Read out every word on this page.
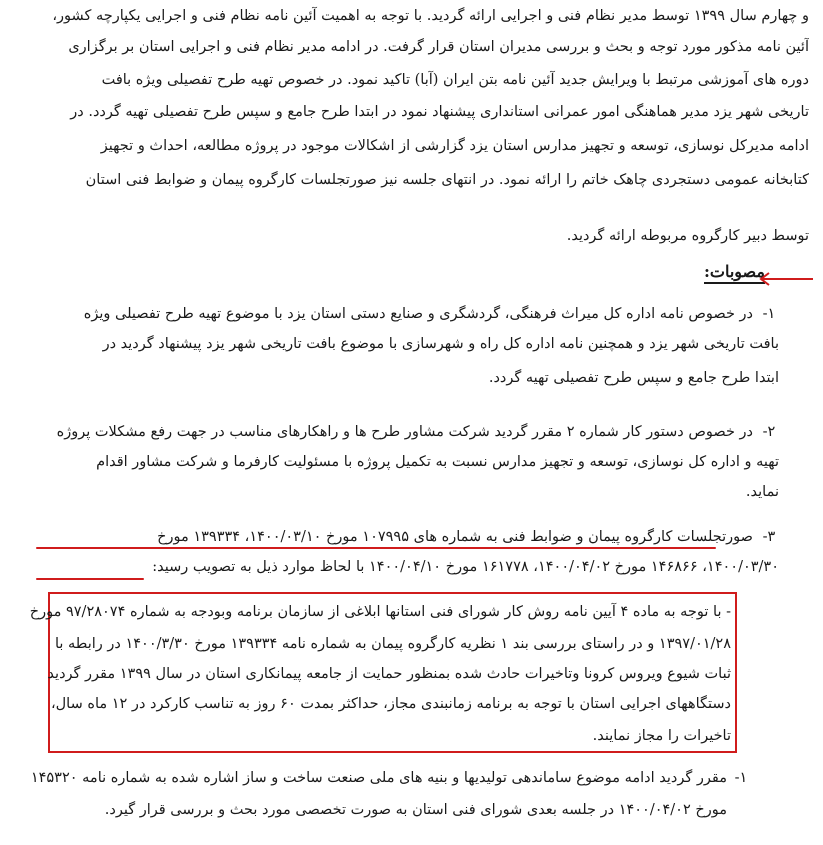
و چهارم سال ۱۳۹۹ توسط مدیر نظام فنی و اجرایی ارائه گردید. با توجه به اهمیت آئین نامه نظام فنی و اجرایی یکپارچه کشور،
آئین نامه مذکور مورد توجه و بحث و بررسی مدیران استان قرار گرفت. در ادامه مدیر نظام فنی و اجرایی استان بر برگزاری
دوره های آموزشی مرتبط با ویرایش جدید آئین نامه بتن ایران (آبا) تاکید نمود. در خصوص تهیه طرح تفصیلی ویژه بافت
تاریخی شهر یزد مدیر هماهنگی امور عمرانی استانداری پیشنهاد نمود در ابتدا طرح جامع و سپس طرح تفصیلی تهیه گردد. در
ادامه مدیرکل نوسازی، توسعه و تجهیز مدارس استان یزد گزارشی از اشکالات موجود در پروژه مطالعه، احداث و تجهیز
کتابخانه عمومی دستجردی چاهک خاتم را ارائه نمود. در انتهای جلسه نیز صورتجلسات کارگروه پیمان و ضوابط فنی استان
توسط دبیر کارگروه مربوطه ارائه گردید.
مصوبات:
-۱
در خصوص نامه اداره کل میراث فرهنگی، گردشگری و صنایع دستی استان یزد با موضوع تهیه طرح تفصیلی ویژه
بافت تاریخی شهر یزد و همچنین نامه اداره کل راه و شهرسازی با موضوع بافت تاریخی شهر یزد پیشنهاد گردید در
ابتدا طرح جامع و سپس طرح تفصیلی تهیه گردد.
-۲
در خصوص دستور کار شماره ۲ مقرر گردید شرکت مشاور طرح ها و راهکارهای مناسب در جهت رفع مشکلات پروژه
تهیه و اداره کل نوسازی، توسعه و تجهیز مدارس نسبت به تکمیل پروژه با مسئولیت کارفرما و شرکت مشاور اقدام
نماید.
-۳
صورتجلسات کارگروه پیمان و ضوابط فنی به شماره های ۱۰۷۹۹۵ مورخ ۱۴۰۰/۰۳/۱۰، ۱۳۹۳۳۴ مورخ
۱۴۰۰/۰۳/۳۰، ۱۴۶۸۶۶ مورخ ۱۴۰۰/۰۴/۰۲، ۱۶۱۷۷۸ مورخ ۱۴۰۰/۰۴/۱۰ با لحاظ موارد ذیل به تصویب رسید:
- با توجه به ماده ۴ آیین نامه روش کار شورای فنی استانها ابلاغی از سازمان برنامه وبودجه به شماره ۹۷/۲۸۰۷۴ مورخ
۱۳۹۷/۰۱/۲۸ و در راستای بررسی بند ۱ نظریه کارگروه پیمان به شماره نامه ۱۳۹۳۳۴ مورخ ۱۴۰۰/۳/۳۰ در رابطه با
ثبات شیوع ویروس کرونا وتاخیرات حادث شده بمنظور حمایت از جامعه پیمانکاری استان در سال ۱۳۹۹ مقرر گردید
دستگاههای اجرایی استان با توجه به برنامه زمانبندی مجاز، حداکثر بمدت ۶۰ روز به تناسب کارکرد در ۱۲ ماه سال،
تاخیرات را مجاز نمایند.
-۱
مقرر گردید ادامه موضوع ساماندهی تولیدیها و بنیه های ملی صنعت ساخت و ساز اشاره شده به شماره نامه ۱۴۵۳۲۰
مورخ ۱۴۰۰/۰۴/۰۲ در جلسه بعدی شورای فنی استان به صورت تخصصی مورد بحث و بررسی قرار گیرد.
